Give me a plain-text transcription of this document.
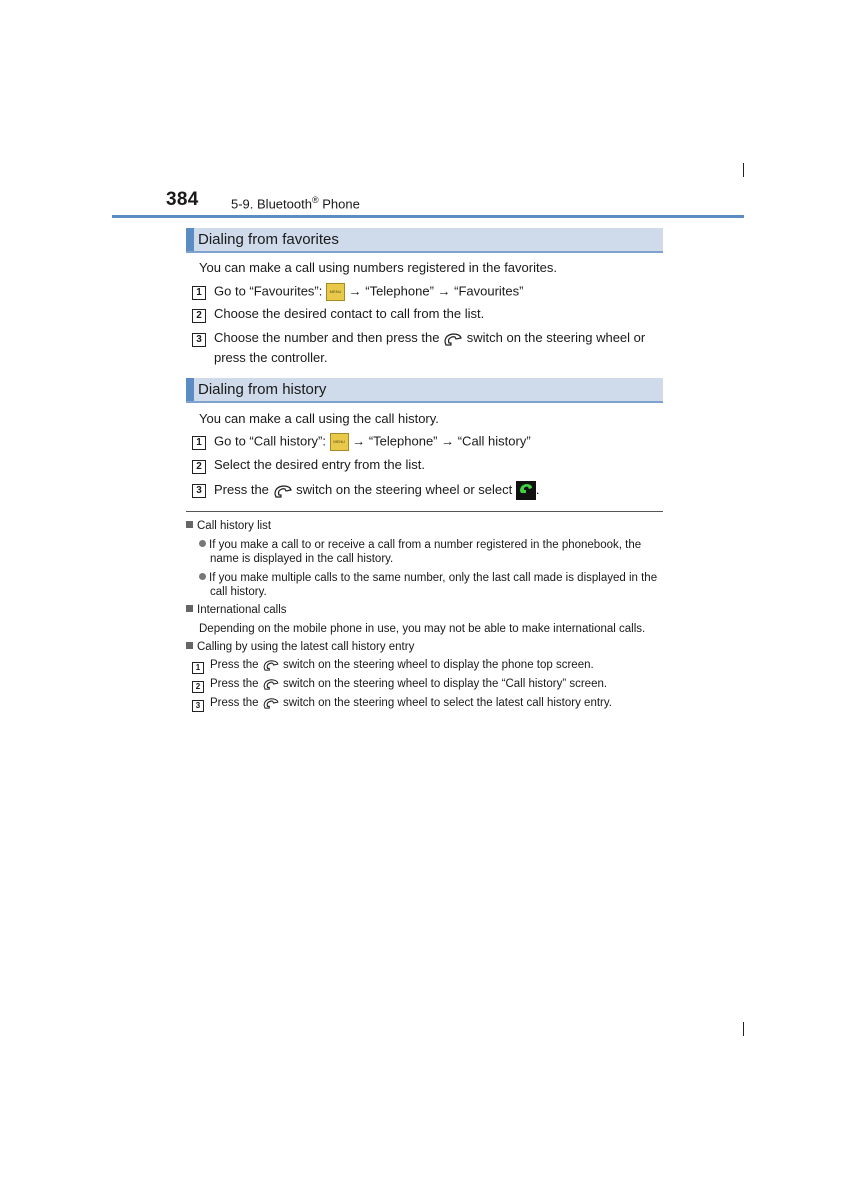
384 5-9. Bluetooth® Phone
Dialing from favorites
You can make a call using numbers registered in the favorites.
1 Go to “Favourites”: MENU → “Telephone” → “Favourites”
2 Choose the desired contact to call from the list.
3 Choose the number and then press the switch on the steering wheel or
press the controller.
Dialing from history
You can make a call using the call history.
1 Go to “Call history”: MENU → “Telephone” → “Call history”
2 Select the desired entry from the list.
3 Press the switch on the steering wheel or select .
Call history list
If you make a call to or receive a call from a number registered in the phonebook, the
name is displayed in the call history.
If you make multiple calls to the same number, only the last call made is displayed in the
call history.
International calls
Depending on the mobile phone in use, you may not be able to make international calls.
Calling by using the latest call history entry
1 Press the switch on the steering wheel to display the phone top screen.
2 Press the switch on the steering wheel to display the “Call history” screen.
3 Press the switch on the steering wheel to select the latest call history entry.
